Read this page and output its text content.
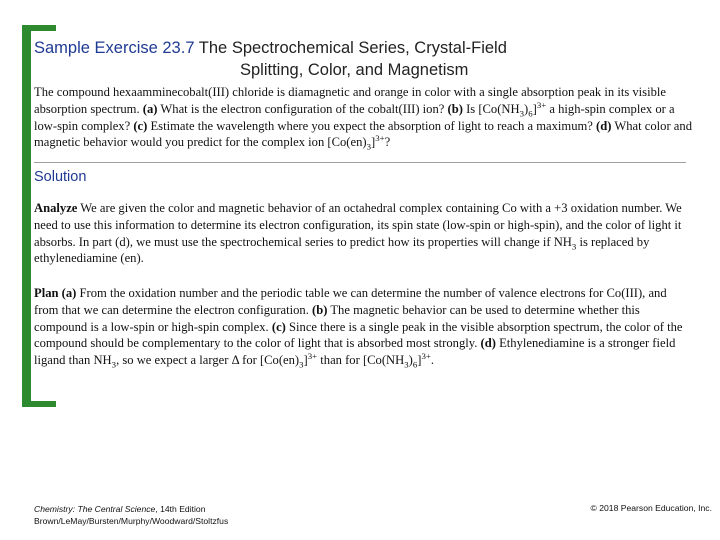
Sample Exercise 23.7 The Spectrochemical Series, Crystal-Field
Splitting, Color, and Magnetism
The compound hexaamminecobalt(III) chloride is diamagnetic and orange in color with a single absorption peak in its visible absorption spectrum. (a) What is the electron configuration of the cobalt(III) ion? (b) Is $[Co(NH_3)_6]^{3+}$ a high-spin complex or a low-spin complex? (c) Estimate the wavelength where you expect the absorption of light to reach a maximum? (d) What color and magnetic behavior would you predict for the complex ion $[Co(en)_3]^{3+}$?
Solution
Analyze We are given the color and magnetic behavior of an octahedral complex containing Co with a +3 oxidation number. We need to use this information to determine its electron configuration, its spin state (low-spin or high-spin), and the color of light it absorbs. In part (d), we must use the spectrochemical series to predict how its properties will change if $NH_3$ is replaced by ethylenediamine (en).
Plan (a) From the oxidation number and the periodic table we can determine the number of valence electrons for Co(III), and from that we can determine the electron configuration. (b) The magnetic behavior can be used to determine whether this compound is a low-spin or high-spin complex. (c) Since there is a single peak in the visible absorption spectrum, the color of the compound should be complementary to the color of light that is absorbed most strongly. (d) Ethylenediamine is a stronger field ligand than $NH_3$, so we expect a larger Δ for $[Co(en)_3]^{3+}$ than for $[Co(NH_3)_6]^{3+}$.
Chemistry: The Central Science, 14th Edition
Brown/LeMay/Bursten/Murphy/Woodward/Stoltzfus
© 2018 Pearson Education, Inc.
